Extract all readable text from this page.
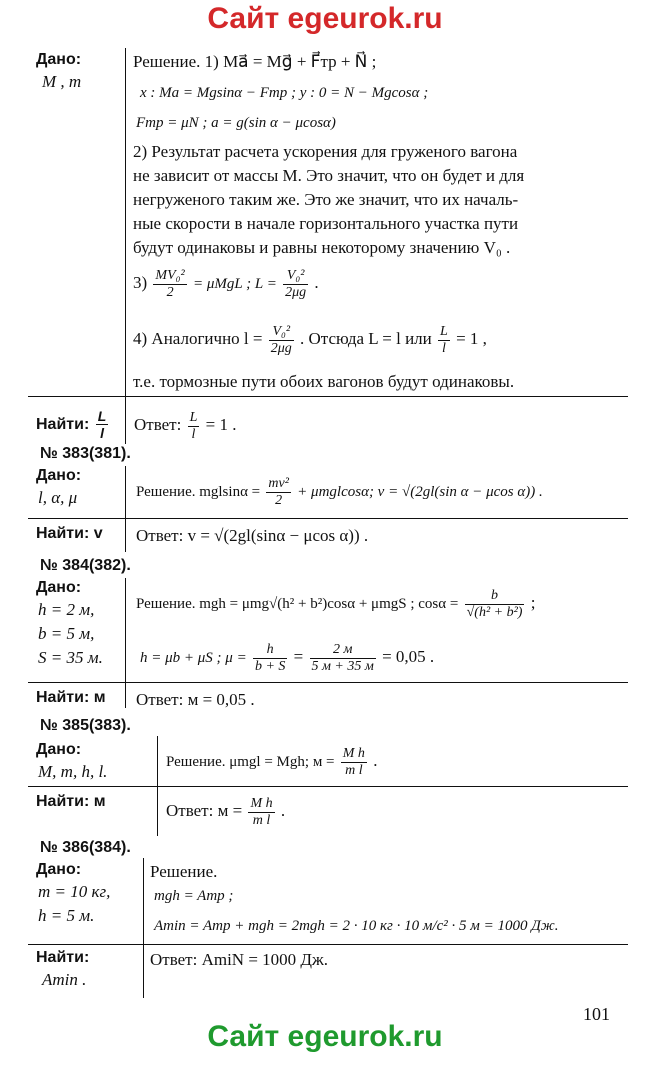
Сайт egeurok.ru
Дано:
M , m
Решение. 1) Ma⃗ = Mg⃗ + F⃗тр + N⃗ ;
x : Ma = Mgsinα − Fтр ; y : 0 = N − Mgcosα ;
Fтр = μN ; a = g(sin α − μcosα)
2) Результат расчета ускорения для груженого вагона
не зависит от массы M. Это значит, что он будет и для
негруженого таким же. Это же значит, что их началь-
ные скорости в начале горизонтального участка пути
будут одинаковы и равны некоторому значению V₀ .
$3) \frac{\text{MV₀²}}{2} = \mu MgL$ ; $L = \frac{\text{V₀²}}{2\mu g}$ .
4) Аналогично $l = \frac{\text{V₀²}}{2\mu g}$ . Отсюда L = l или $\frac{L}{l} = 1$ ,
т.е. тормозные пути обоих вагонов будут одинаковы.
Найти: $\frac{L}{l}$ Ответ: $\frac{L}{l} = 1$ .
№ 383(381).
Дано:
l, α, μ	Решение. $mglsin\alpha = \frac{\text{mv²}}{2} + \mu mglcos\alpha$; v = √(2gl(sin α − μcos α)) .
Найти: v Ответ: v = √(2gl(sinα − μcos α)) .
№ 384(382).
Дано:
h = 2 м,
b = 5 м,
S = 35 м.
Решение. mgh = μmg√(h² + b²)cosα + μmgS ; $\cos\alpha = \frac{b}{\text{√(h² + b²)}}$ ;
h = μb + μS ; $\mu = \frac{h}{b + S} = \frac{2 м}{5 м + 35 м} = 0,05$ .
Найти: м Ответ: м = 0,05 .
№ 385(383).
Дано:
M, m, h, l.	Решение. μmgl = Mgh; $м = \frac{\text{M h}}{\text{m l}}$ .
Найти: м	Ответ: $м = \frac{\text{M h}}{\text{m l}}$ .
№ 386(384).
Дано:
m = 10 кг,
h = 5 м.
Решение.
mgh = Amp ;
Amin = Amp + mgh = 2mgh = 2 · 10 кг · 10 м/с² · 5 м = 1000 Дж.
Найти:
Amin .
Ответ: AmiN = 1000 Дж.
101
Сайт egeurok.ru
